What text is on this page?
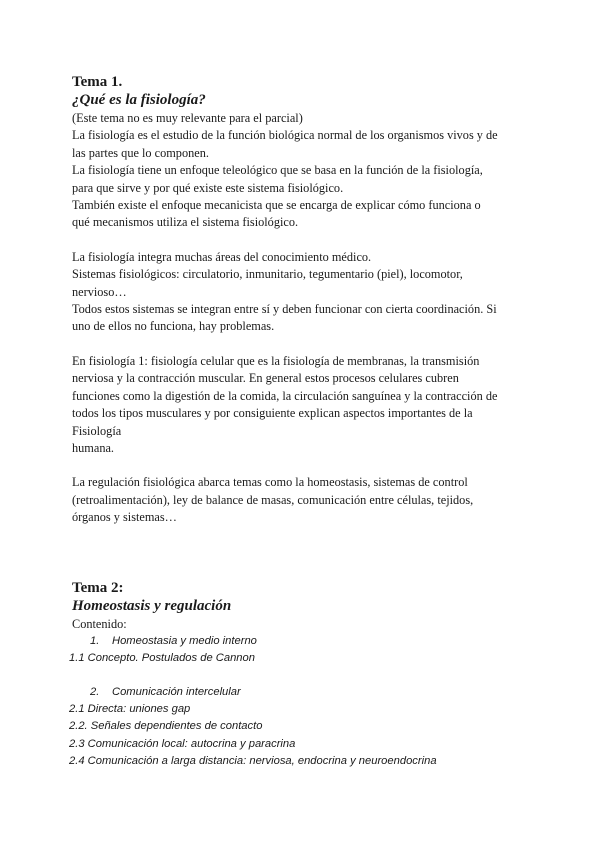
Tema 1.

¿Qué es la fisiología?

(Este tema no es muy relevante para el parcial)

La fisiología es el estudio de la función biológica normal de los organismos vivos y de

las partes que lo componen.

La fisiología tiene un enfoque teleológico que se basa en la función de la fisiología,

para que sirve y por qué existe este sistema fisiológico.

También existe el enfoque mecanicista que se encarga de explicar cómo funciona o

qué mecanismos utiliza el sistema fisiológico.

La fisiología integra muchas áreas del conocimiento médico.

Sistemas fisiológicos: circulatorio, inmunitario, tegumentario (piel), locomotor,

nervioso…

Todos estos sistemas se integran entre sí y deben funcionar con cierta coordinación. Si

uno de ellos no funciona, hay problemas.

En fisiología 1: fisiología celular que es la fisiología de membranas, la transmisión

nerviosa y la contracción muscular. En general estos procesos celulares cubren

funciones como la digestión de la comida, la circulación sanguínea y la contracción de

todos los tipos musculares y por consiguiente explican aspectos importantes de la

Fisiología

humana.

La regulación fisiológica abarca temas como la homeostasis, sistemas de control

(retroalimentación), ley de balance de masas, comunicación entre células, tejidos,

órganos y sistemas…

Tema 2:

Homeostasis y regulación

Contenido:

1. Homeostasia y medio interno

1.1 Concepto. Postulados de Cannon

2. Comunicación intercelular

2.1 Directa: uniones gap

2.2. Señales dependientes de contacto

2.3 Comunicación local: autocrina y paracrina

2.4 Comunicación a larga distancia: nerviosa, endocrina y neuroendocrina
